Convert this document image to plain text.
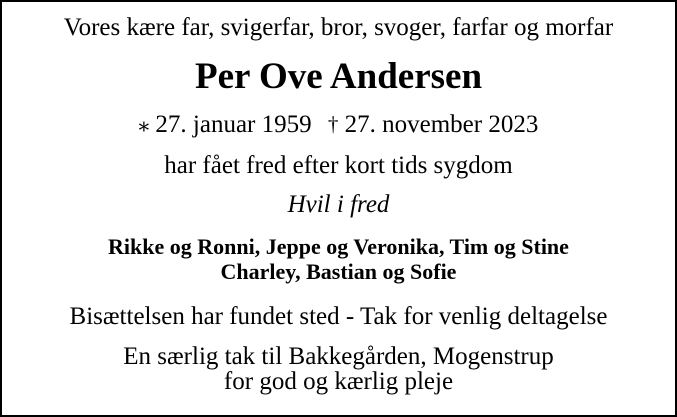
Vores kære far, svigerfar, bror, svoger, farfar og morfar
Per Ove Andersen
⁎ 27. januar 1959 † 27. november 2023
har fået fred efter kort tids sygdom
Hvil i fred
Rikke og Ronni, Jeppe og Veronika, Tim og Stine
Charley, Bastian og Sofie
Bisættelsen har fundet sted - Tak for venlig deltagelse
En særlig tak til Bakkegården, Mogenstrup
for god og kærlig pleje
